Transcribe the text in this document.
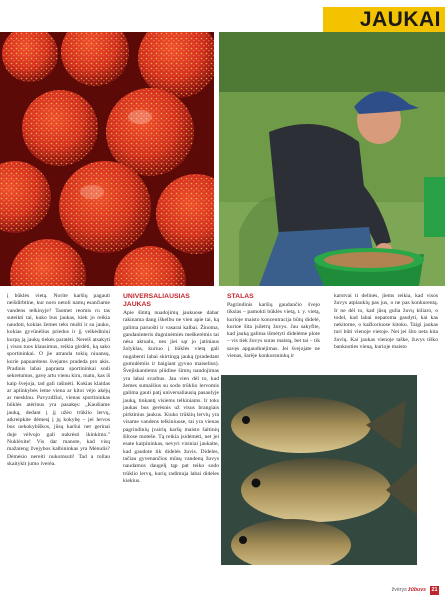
JAUKAI

į būklės vietą. Norite karšių pagauti neišdirbtine, kur noro netoli namų esančiame vandens telkinyje? Taomet reomis ru tas suteikti tai, kuko bus jaukas, kiek jo reikia naudoti, kokias žemes teks mušti ir su jauku, kokias gyvūnėlius priedus ir jį velkėdiniui kurpą ją jaukų tiekės paratėti. Nereiš atsakyti į visus tuos klausimus, reikia girdėti, ką sako sportininkai. O jie atranda tokių niuansų, kurie papuarėtens švejams pradeda pro akis. Pradinis labai paprasta sportininkai sodi sekretumos, gavę artu vienu kiru, matu, kas iš kaip švejoja, tad gali rašinėti. Kokias klaidas ar aplinkybės leme viena ar kitoi vėjo akėjų ar mesklnu. Pavyzdžiui, vienas sportininkas būklės atėrinus yra pasakęs: „Kaušiame jauką, dedant į jį užėo trūklio lervų, atkreipkite dėmesį į jų kokybę – jei lervos bus nekokybiškos, jūsų karšui net gerinai duje vėlvojo gali nukrėsti ikinkimo." Nuklėxite! Vis dar manote, kad visų mažareng žvejybos kalbininkas yra Mėnulis? Dėmėsio nereiti nukomsuti! Tad a tollau skaitykit jumo iverėa.

UNIVERSALIAUSIAS JAUKAS

Apie šimtą nuadojimų jaukuose dabar rakinama dang iškelbu ne vien apie tai, ką galima paruošti ir vasarai kalbai. Žinoma, gandaninteris dugninėmiės meškerėmis tai nėsa aktualu, nes jiei sąr jo jatiniaus žolyklas, kuriuo į būklės vietą gali nugabenti labai skirtingą jauką (pradedant gumulėmiis ir baigiant gyvuo maiselius). Švejiskantiems plūdine šimtų naudojimas yra labai svarbus. Jau vien dėl to, kad žemes sumaišius su sodo trūklio lervomis galima gauti patį universaliausią pasaulyje jauką, tinkantį visiems telkiniams. Ir toks jaukas bus gerėsnis už visus brangiais pirktinius jaukus. Kiuko trūklių lervių yra visame vandens telkiniuose, tai yra vienas pagrindinių įvairių karšų maisto šaltinių šiltose moteše. Tą reikia įsidėmėti, net jei esate karpininkas, nevyri visiniai jaukaite, kad gaudote tik didelės žuvis. Dideles, tačiau gyvenančios mūsų vandenų žuvys naudamos daugelį tąp pat teiko sodo trūklio lervų, kurių radimuįa labai dideles kiekius.

STALAS

Pagrindinis karšių gaudančio švejo tikslas – pamokti būklės vietą, t. y. vietą, kurioje maisto koncentracija būtų didelė, kurioe šita įsiletrų žuvys. Jau sakyfite, kad jauką galima išmėtyti didelėme plote – vis tiek žuvys suras maistą, bet tai – tik savęs apgaudinėjimas. Jei švejojate ne vienas, šarėje konkursninkų ir

karstvai ti delinės, jiems reikia, kad visos žuvys atplaukių pas jus, o ne pas konkurentą. Ir ne dėl to, kad jūsų gulia žuvų kiliaro, o todel, kad labai nepatoma gaudyti, kai kas nekitome, o kažkoriuose kitoku. Taigi jaukas turi būti vienoje vietoje. Nei jei šito neta kita žuvių. Kai jaukas vienoje taške, žuvys tiško banknoties vieną, kurioje maisto

žvėrys žūbuvs 21
